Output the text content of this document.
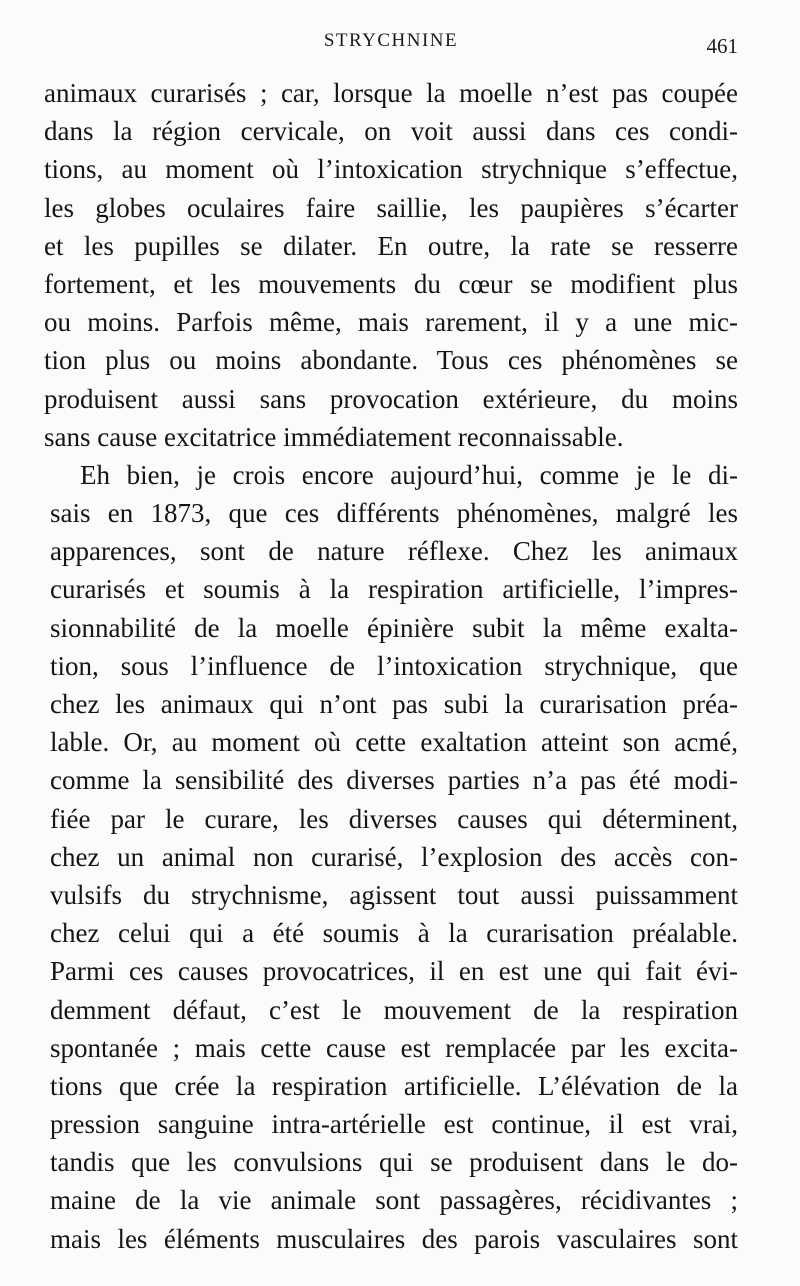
STRYCHNINE	461
animaux curarisés ; car, lorsque la moelle n’est pas coupée
dans la région cervicale, on voit aussi dans ces condi-
tions, au moment où l’intoxication strychnique s’effectue,
les globes oculaires faire saillie, les paupières s’écarter
et les pupilles se dilater. En outre, la rate se resserre
fortement, et les mouvements du cœur se modifient plus
ou moins. Parfois même, mais rarement, il y a une mic-
tion plus ou moins abondante. Tous ces phénomènes se
produisent aussi sans provocation extérieure, du moins
sans cause excitatrice immédiatement reconnaissable.
Eh bien, je crois encore aujourd’hui, comme je le di-
sais en 1873, que ces différents phénomènes, malgré les
apparences, sont de nature réflexe. Chez les animaux
curarisés et soumis à la respiration artificielle, l’impres-
sionnabilité de la moelle épinière subit la même exalta-
tion, sous l’influence de l’intoxication strychnique, que
chez les animaux qui n’ont pas subi la curarisation préa-
lable. Or, au moment où cette exaltation atteint son acmé,
comme la sensibilité des diverses parties n’a pas été modi-
fiée par le curare, les diverses causes qui déterminent,
chez un animal non curarisé, l’explosion des accès con-
vulsifs du strychnisme, agissent tout aussi puissamment
chez celui qui a été soumis à la curarisation préalable.
Parmi ces causes provocatrices, il en est une qui fait évi-
demment défaut, c’est le mouvement de la respiration
spontanée ; mais cette cause est remplacée par les excita-
tions que crée la respiration artificielle. L’élévation de la
pression sanguine intra-artérielle est continue, il est vrai,
tandis que les convulsions qui se produisent dans le do-
maine de la vie animale sont passagères, récidivantes ;
mais les éléments musculaires des parois vasculaires sont
